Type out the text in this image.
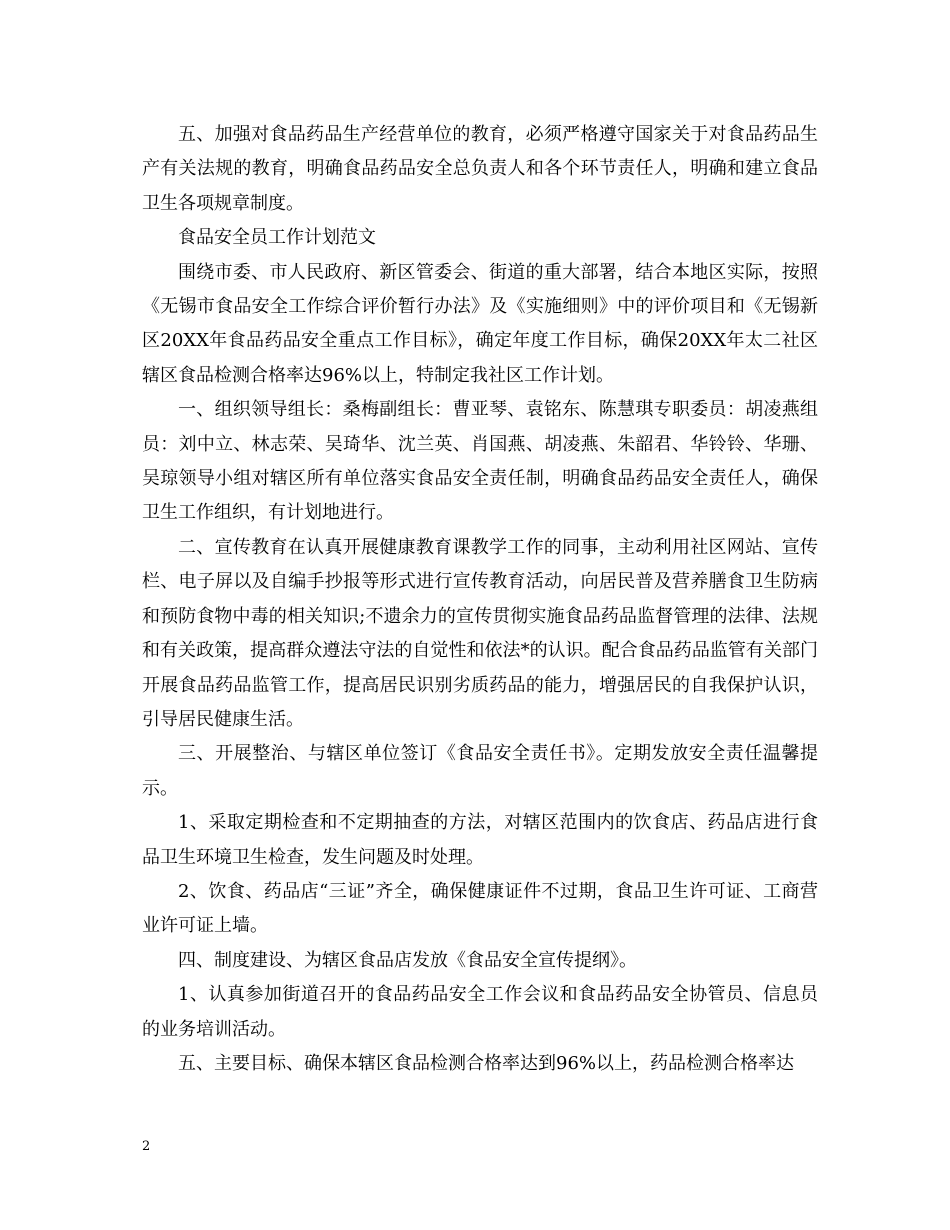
五、加强对食品药品生产经营单位的教育，必须严格遵守国家关于对食品药品生产有关法规的教育，明确食品药品安全总负责人和各个环节责任人，明确和建立食品卫生各项规章制度。

食品安全员工作计划范文

围绕市委、市人民政府、新区管委会、街道的重大部署，结合本地区实际，按照《无锡市食品安全工作综合评价暂行办法》及《实施细则》中的评价项目和《无锡新区20XX年食品药品安全重点工作目标》，确定年度工作目标，确保20XX年太二社区辖区食品检测合格率达96%以上，特制定我社区工作计划。

一、组织领导组长：桑梅副组长：曹亚琴、袁铭东、陈慧琪专职委员：胡凌燕组员：刘中立、林志荣、吴琦华、沈兰英、肖国燕、胡凌燕、朱韶君、华铃铃、华珊、吴琼领导小组对辖区所有单位落实食品安全责任制，明确食品药品安全责任人，确保卫生工作组织，有计划地进行。

二、宣传教育在认真开展健康教育课教学工作的同事，主动利用社区网站、宣传栏、电子屏以及自编手抄报等形式进行宣传教育活动，向居民普及营养膳食卫生防病和预防食物中毒的相关知识;不遗余力的宣传贯彻实施食品药品监督管理的法律、法规和有关政策，提高群众遵法守法的自觉性和依法*的认识。配合食品药品监管有关部门开展食品药品监管工作，提高居民识别劣质药品的能力，增强居民的自我保护认识，引导居民健康生活。

三、开展整治、与辖区单位签订《食品安全责任书》。定期发放安全责任温馨提示。

1、采取定期检查和不定期抽查的方法，对辖区范围内的饮食店、药品店进行食品卫生环境卫生检查，发生问题及时处理。

2、饮食、药品店“三证”齐全，确保健康证件不过期，食品卫生许可证、工商营业许可证上墙。

四、制度建设、为辖区食品店发放《食品安全宣传提纲》。

1、认真参加街道召开的食品药品安全工作会议和食品药品安全协管员、信息员的业务培训活动。

五、主要目标、确保本辖区食品检测合格率达到96%以上，药品检测合格率达

2
